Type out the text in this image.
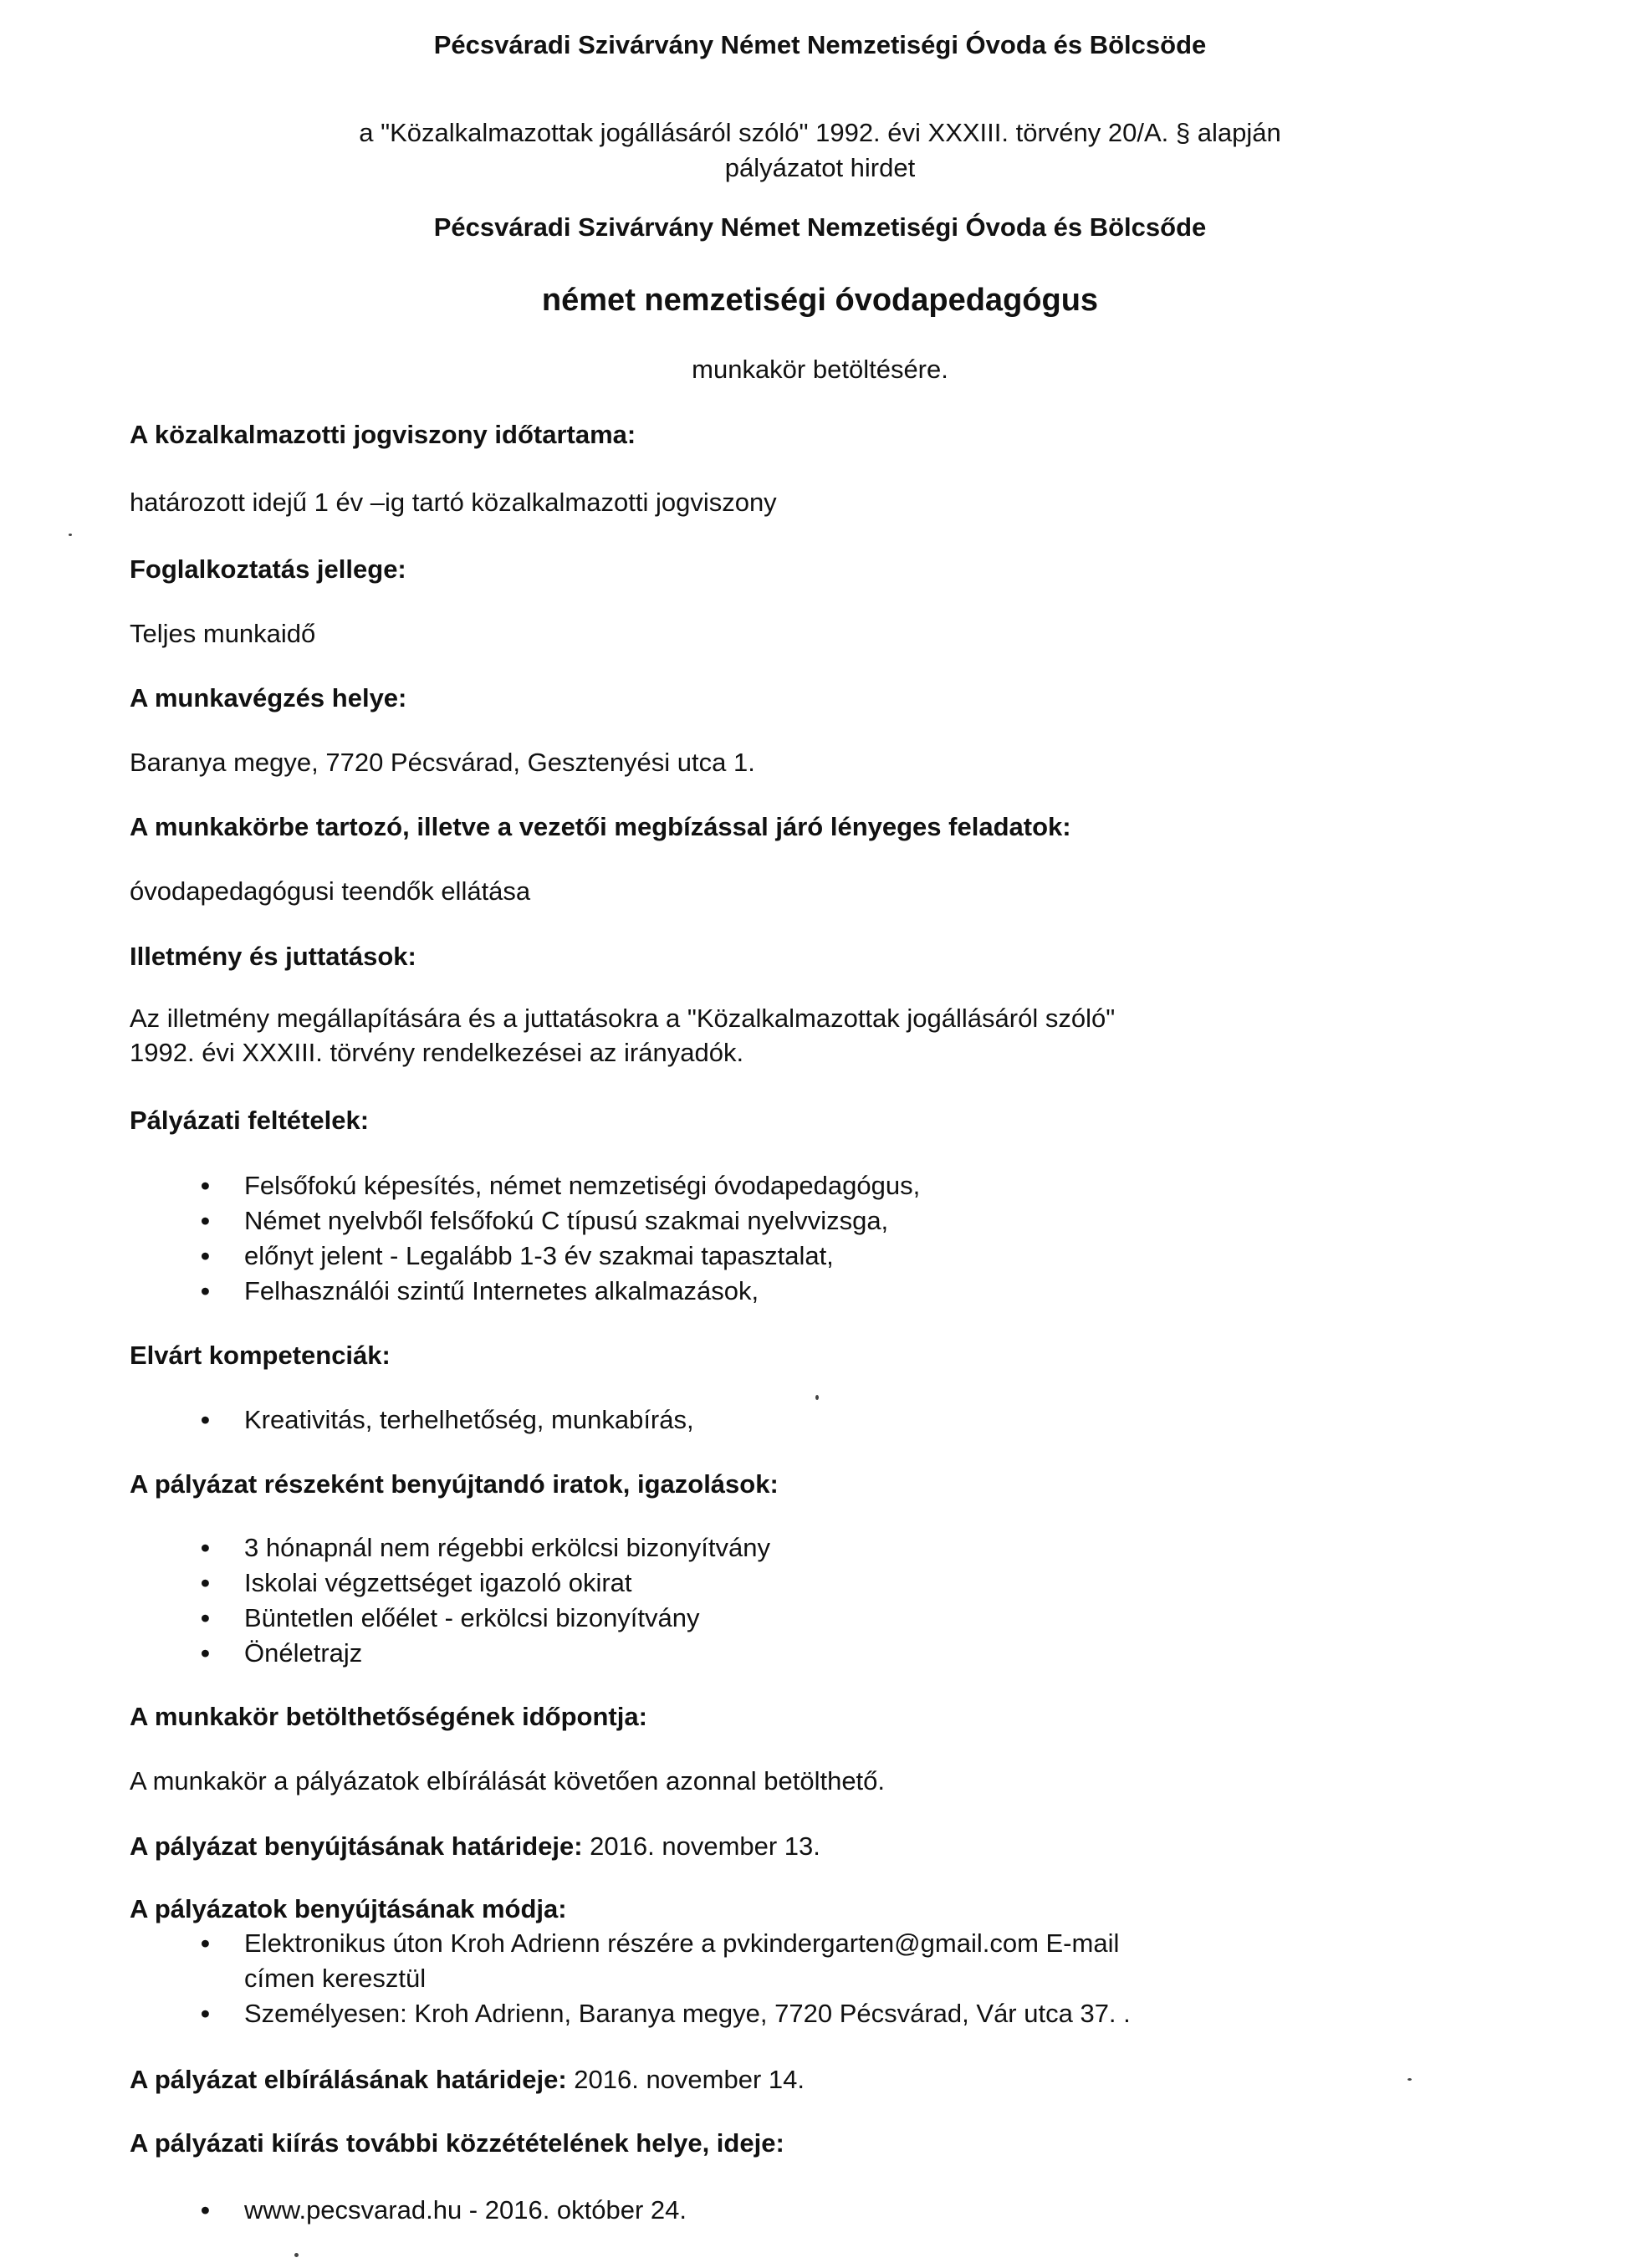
Pécsváradi Szivárvány Német Nemzetiségi Óvoda és Bölcsöde
a "Közalkalmazottak jogállásáról szóló" 1992. évi XXXIII. törvény 20/A. § alapján
pályázatot hirdet
Pécsváradi Szivárvány Német Nemzetiségi Óvoda és Bölcsőde
német nemzetiségi óvodapedagógus
munkakör betöltésére.
A közalkalmazotti jogviszony időtartama:
határozott idejű 1 év –ig tartó közalkalmazotti jogviszony
Foglalkoztatás jellege:
Teljes munkaidő
A munkavégzés helye:
Baranya megye, 7720 Pécsvárad, Gesztenyési utca 1.
A munkakörbe tartozó, illetve a vezetői megbízással járó lényeges feladatok:
óvodapedagógusi teendők ellátása
Illetmény és juttatások:
Az illetmény megállapítására és a juttatásokra a "Közalkalmazottak jogállásáról szóló"
1992. évi XXXIII. törvény rendelkezései az irányadók.
Pályázati feltételek:
• Felsőfokú képesítés, német nemzetiségi óvodapedagógus,
• Német nyelvből felsőfokú C típusú szakmai nyelvvizsga,
• előnyt jelent - Legalább 1-3 év szakmai tapasztalat,
• Felhasználói szintű Internetes alkalmazások,
Elvárt kompetenciák:
• Kreativitás, terhelhetőség, munkabírás,
A pályázat részeként benyújtandó iratok, igazolások:
• 3 hónapnál nem régebbi erkölcsi bizonyítvány
• Iskolai végzettséget igazoló okirat
• Büntetlen előélet - erkölcsi bizonyítvány
• Önéletrajz
A munkakör betölthetőségének időpontja:
A munkakör a pályázatok elbírálását követően azonnal betölthető.
A pályázat benyújtásának határideje: 2016. november 13.
A pályázatok benyújtásának módja:
• Elektronikus úton Kroh Adrienn részére a pvkindergarten@gmail.com E-mail
címen keresztül
• Személyesen: Kroh Adrienn, Baranya megye, 7720 Pécsvárad, Vár utca 37. .
A pályázat elbírálásának határideje: 2016. november 14.
A pályázati kiírás további közzétételének helye, ideje:
• www.pecsvarad.hu - 2016. október 24.
